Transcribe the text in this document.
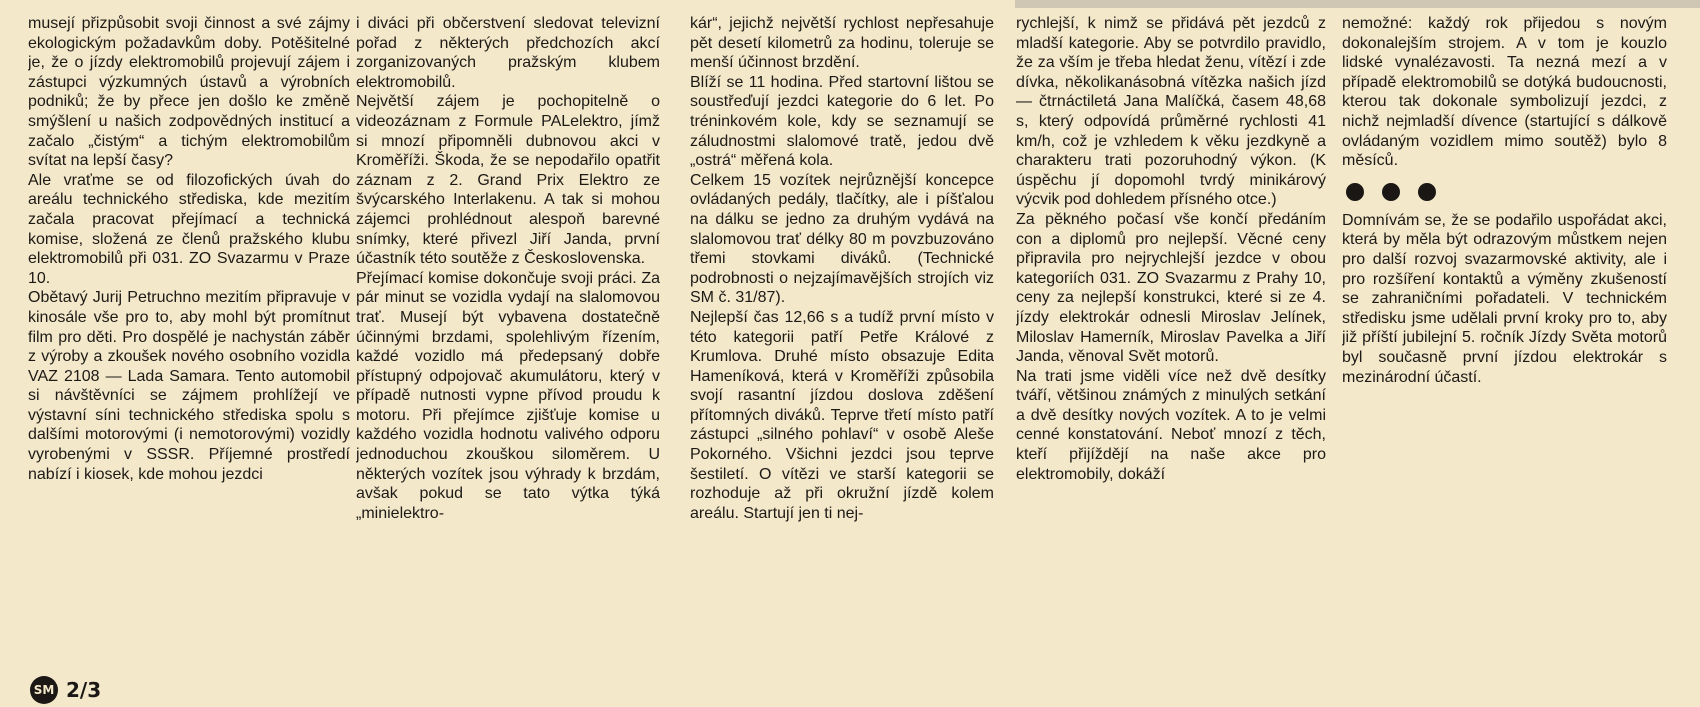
musejí přizpůsobit svoji činnost a své zájmy ekologickým požadavkům doby. Potěšitelné je, že o jízdy elektromobilů projevují zájem i zástupci výzkumných ústavů a výrobních podniků; že by přece jen došlo ke změně smýšlení u našich zodpovědných institucí a začalo „čistým“ a tichým elektromobilům svítat na lepší časy?

Ale vraťme se od filozofických úvah do areálu technického střediska, kde mezitím začala pracovat přejímací a technická komise, složená ze členů pražského klubu elektromobilů při 031. ZO Svazarmu v Praze 10.

Obětavý Jurij Petruchno mezitím připravuje v kinosále vše pro to, aby mohl být promítnut film pro děti. Pro dospělé je nachystán záběr z výroby a zkoušek nového osobního vozidla VAZ 2108 — Lada Samara. Tento automobil si návštěvníci se zájmem prohlížejí ve výstavní síni technického střediska spolu s dalšími motorovými (i nemotorovými) vozidly vyrobenými v SSSR. Příjemné prostředí nabízí i kiosek, kde mohou jezdci

i diváci při občerstvení sledovat televizní pořad z některých předchozích akcí zorganizovaných pražským klubem elektromobilů.

Největší zájem je pochopitelně o videozáznam z Formule PALelektro, jímž si mnozí připomněli dubnovou akci v Kroměříži. Škoda, že se nepodařilo opatřit záznam z 2. Grand Prix Elektro ze švýcarského Interlakenu. A tak si mohou zájemci prohlédnout alespoň barevné snímky, které přivezl Jiří Janda, první účastník této soutěže z Československa.

Přejímací komise dokončuje svoji práci. Za pár minut se vozidla vydají na slalomovou trať. Musejí být vybavena dostatečně účinnými brzdami, spolehlivým řízením, každé vozidlo má předepsaný dobře přístupný odpojovač akumulátoru, který v případě nutnosti vypne přívod proudu k motoru. Při přejímce zjišťuje komise u každého vozidla hodnotu valivého odporu jednoduchou zkouškou siloměrem. U některých vozítek jsou výhrady k brzdám, avšak pokud se tato výtka týká „minielektro-

kár“, jejichž největší rychlost nepřesahuje pět desetí kilometrů za hodinu, toleruje se menší účinnost brzdění.

Blíží se 11 hodina. Před startovní lištou se soustřeďují jezdci kategorie do 6 let. Po tréninkovém kole, kdy se seznamují se záludnostmi slalomové tratě, jedou dvě „ostrá“ měřená kola.

Celkem 15 vozítek nejrůznější koncepce ovládaných pedály, tlačítky, ale i píšťalou na dálku se jedno za druhým vydává na slalomovou trať délky 80 m povzbuzováno třemi stovkami diváků. (Technické podrobnosti o nejzajímavějších strojích viz SM č. 31/87).

Nejlepší čas 12,66 s a tudíž první místo v této kategorii patří Petře Králové z Krumlova. Druhé místo obsazuje Edita Hameníková, která v Kroměříži způsobila svojí rasantní jízdou doslova zděšení přítomných diváků. Teprve třetí místo patří zástupci „silného pohlaví“ v osobě Aleše Pokorného. Všichni jezdci jsou teprve šestiletí. O vítězi ve starší kategorii se rozhoduje až při okružní jízdě kolem areálu. Startují jen ti nej-

rychlejší, k nimž se přidává pět jezdců z mladší kategorie. Aby se potvrdilo pravidlo, že za vším je třeba hledat ženu, vítězí i zde dívka, několikanásobná vítězka našich jízd — čtrnáctiletá Jana Malíčká, časem 48,68 s, který odpovídá průměrné rychlosti 41 km/h, což je vzhledem k věku jezdkyně a charakteru trati pozoruhodný výkon. (K úspěchu jí dopomohl tvrdý minikárový výcvik pod dohledem přísného otce.)

Za pěkného počasí vše končí předáním con a diplomů pro nejlepší. Věcné ceny připravila pro nejrychlejší jezdce v obou kategoriích 031. ZO Svazarmu z Prahy 10, ceny za nejlepší konstrukci, které si ze 4. jízdy elektrokár odnesli Miroslav Jelínek, Miloslav Hamerník, Miroslav Pavelka a Jiří Janda, věnoval Svět motorů.

Na trati jsme viděli více než dvě desítky tváří, většinou známých z minulých setkání a dvě desítky nových vozítek. A to je velmi cenné konstatování. Neboť mnozí z těch, kteří přijíždějí na naše akce pro elektromobily, dokáží

nemožné: každý rok přijedou s novým dokonalejším strojem. A v tom je kouzlo lidské vynalézavosti. Ta nezná mezí a v případě elektromobilů se dotýká budoucnosti, kterou tak dokonale symbolizují jezdci, z nichž nejmladší dívence (startující s dálkově ovládaným vozidlem mimo soutěž) bylo 8 měsíců.

Domnívám se, že se podařilo uspořádat akci, která by měla být odrazovým můstkem nejen pro další rozvoj svazarmovské aktivity, ale i pro rozšíření kontaktů a výměny zkušeností se zahraničními pořadateli. V technickém středisku jsme udělali první kroky pro to, aby již příští jubilejní 5. ročník Jízdy Světa motorů byl současně první jízdou elektrokár s mezinárodní účastí.

SM 2/3
